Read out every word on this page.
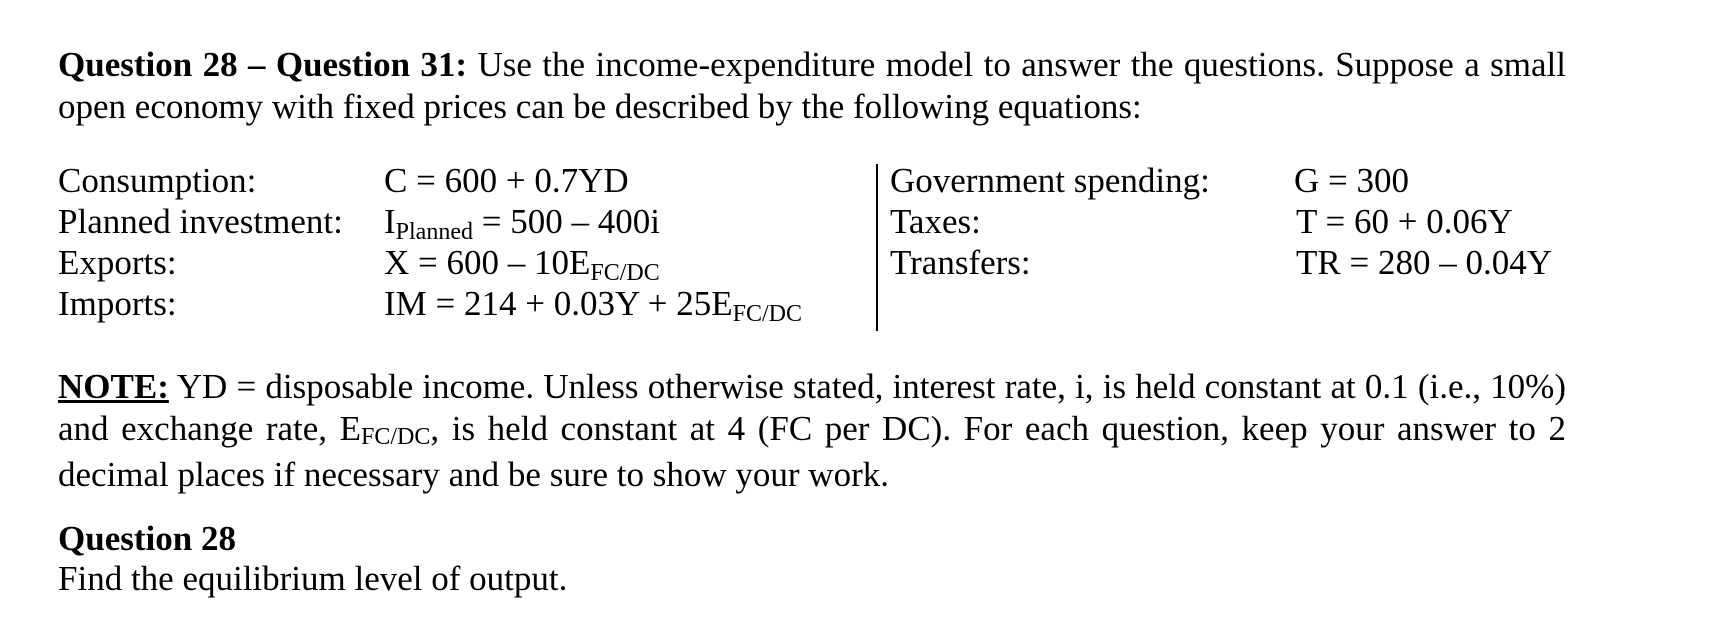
Question 28 – Question 31: Use the income-expenditure model to answer the questions. Suppose a small open economy with fixed prices can be described by the following equations:

Consumption:	C = 600 + 0.7YD
Planned investment: IPlanned = 500 – 400i
Exports:	X = 600 – 10EFC/DC
Imports:	IM = 214 + 0.03Y + 25EFC/DC
Government spending: G = 300
Taxes:	T = 60 + 0.06Y
Transfers:	TR = 280 – 0.04Y

NOTE: YD = disposable income. Unless otherwise stated, interest rate, i, is held constant at 0.1 (i.e., 10%) and exchange rate, EFC/DC, is held constant at 4 (FC per DC). For each question, keep your answer to 2 decimal places if necessary and be sure to show your work.

Question 28

Find the equilibrium level of output.
